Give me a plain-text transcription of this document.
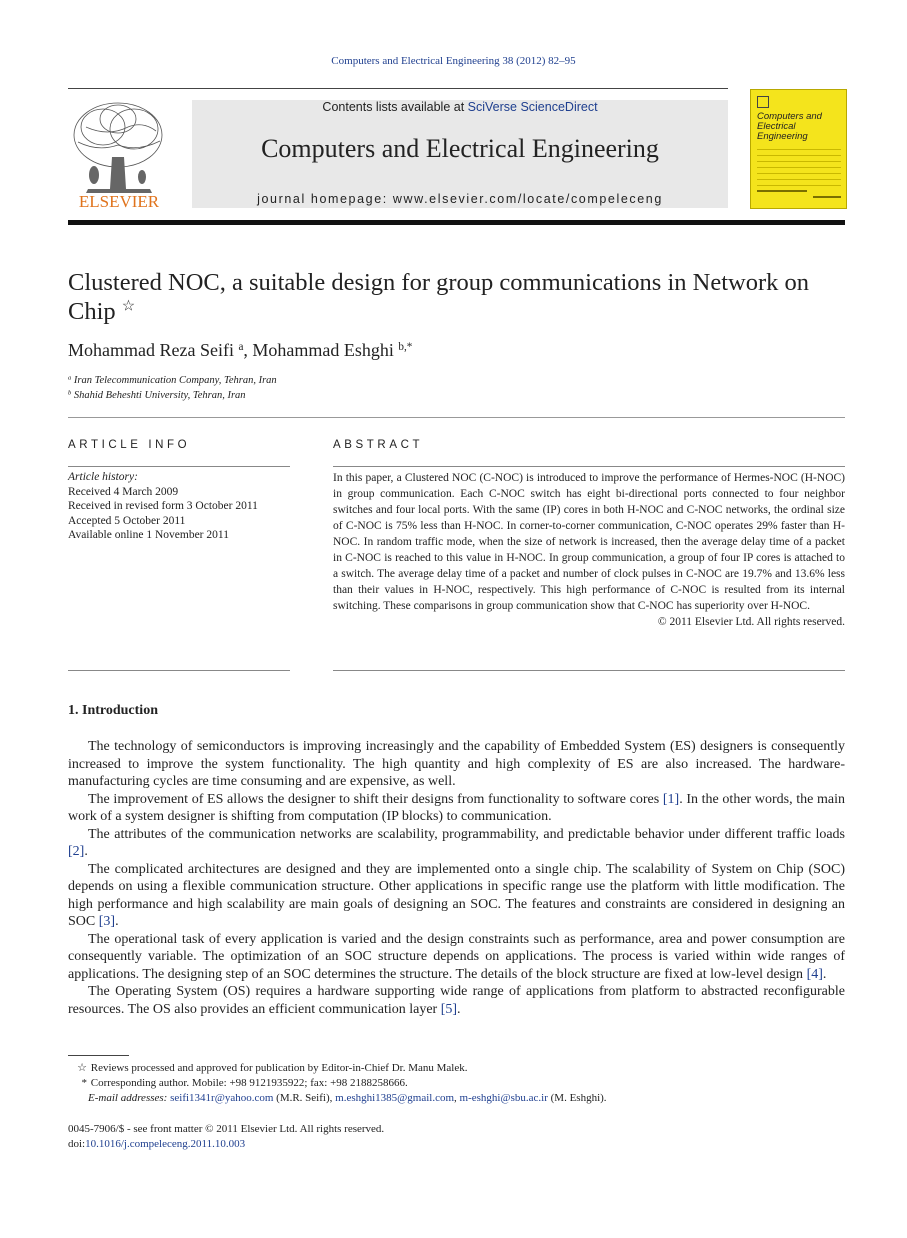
Computers and Electrical Engineering 38 (2012) 82–95
ELSEVIER
Contents lists available at SciVerse ScienceDirect
Computers and Electrical Engineering
journal homepage: www.elsevier.com/locate/compeleceng
Computers and Electrical Engineering
Clustered NOC, a suitable design for group communications in Network on Chip ☆
Mohammad Reza Seifi $^a$, Mohammad Eshghi $^{b,*}$
$^a$ Iran Telecommunication Company, Tehran, Iran
$^b$ Shahid Beheshti University, Tehran, Iran
ARTICLE INFO	ABSTRACT
Article history:
Received 4 March 2009
Received in revised form 3 October 2011
Accepted 5 October 2011
Available online 1 November 2011
In this paper, a Clustered NOC (C-NOC) is introduced to improve the performance of Hermes-NOC (H-NOC) in group communication. Each C-NOC switch has eight bi-directional ports connected to four neighbor switches and four local ports. With the same (IP) cores in both H-NOC and C-NOC networks, the ordinal size of C-NOC is 75% less than H-NOC. In corner-to-corner communication, C-NOC operates 29% faster than H-NOC. In random traffic mode, when the size of network is increased, then the average delay time of a packet in C-NOC is reached to this value in H-NOC. In group communication, a group of four IP cores is attached to a switch. The average delay time of a packet and number of clock pulses in C-NOC are 19.7% and 13.6% less than their values in H-NOC, respectively. This high performance of C-NOC is resulted from its internal switching. These comparisons in group communication show that C-NOC has superiority over H-NOC.
© 2011 Elsevier Ltd. All rights reserved.
1. Introduction

The technology of semiconductors is improving increasingly and the capability of Embedded System (ES) designers is consequently increased to improve the system functionality. The high quantity and high complexity of ES are also increased. The hardware-manufacturing cycles are time consuming and are expensive, as well.

The improvement of ES allows the designer to shift their designs from functionality to software cores [1]. In the other words, the main work of a system designer is shifting from computation (IP blocks) to communication.

The attributes of the communication networks are scalability, programmability, and predictable behavior under different traffic loads [2].

The complicated architectures are designed and they are implemented onto a single chip. The scalability of System on Chip (SOC) depends on using a flexible communication structure. Other applications in specific range use the platform with little modification. The high performance and high scalability are main goals of designing an SOC. The features and constraints are considered in designing an SOC [3].

The operational task of every application is varied and the design constraints such as performance, area and power consumption are consequently variable. The optimization of an SOC structure depends on applications. The process is varied within wide ranges of applications. The designing step of an SOC determines the structure. The details of the block structure are fixed at low-level design [4].

The Operating System (OS) requires a hardware supporting wide range of applications from platform to abstracted reconfigurable resources. The OS also provides an efficient communication layer [5].

☆ Reviews processed and approved for publication by Editor-in-Chief Dr. Manu Malek.
* Corresponding author. Mobile: +98 9121935922; fax: +98 2188258666.
E-mail addresses: seifi1341r@yahoo.com (M.R. Seifi), m.eshghi1385@gmail.com, m-eshghi@sbu.ac.ir (M. Eshghi).
0045-7906/$ - see front matter © 2011 Elsevier Ltd. All rights reserved.
doi:10.1016/j.compeleceng.2011.10.003
